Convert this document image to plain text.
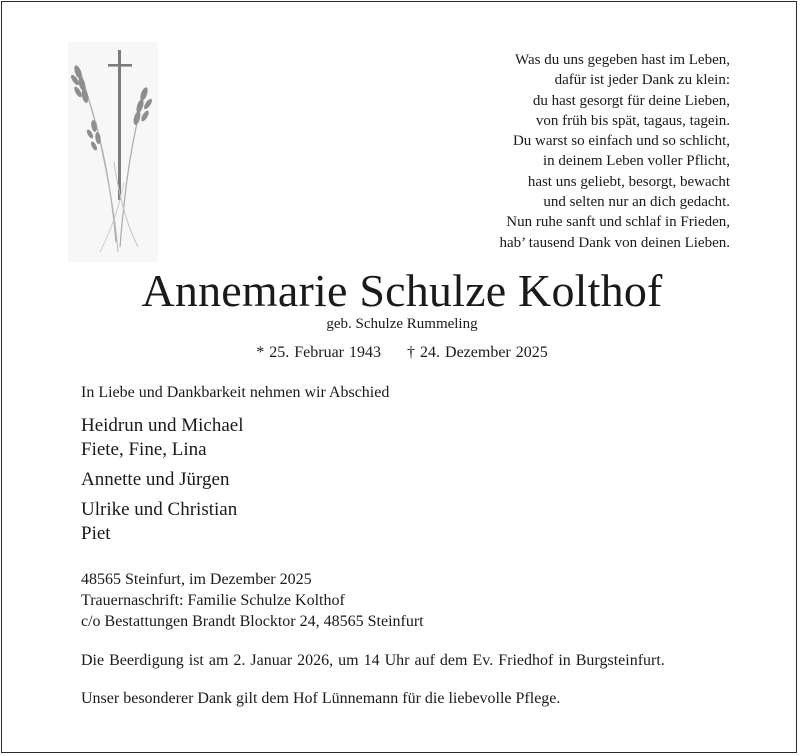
Was du uns gegeben hast im Leben,
dafür ist jeder Dank zu klein:
du hast gesorgt für deine Lieben,
von früh bis spät, tagaus, tagein.
Du warst so einfach und so schlicht,
in deinem Leben voller Pflicht,
hast uns geliebt, besorgt, bewacht
und selten nur an dich gedacht.
Nun ruhe sanft und schlaf in Frieden,
hab’ tausend Dank von deinen Lieben.
Annemarie Schulze Kolthof
geb. Schulze Rummeling
* 25. Februar 1943 † 24. Dezember 2025
In Liebe und Dankbarkeit nehmen wir Abschied
Heidrun und Michael
Fiete, Fine, Lina
Annette und Jürgen
Ulrike und Christian
Piet
48565 Steinfurt, im Dezember 2025
Trauernaschrift: Familie Schulze Kolthof
c/o Bestattungen Brandt Blocktor 24, 48565 Steinfurt
Die Beerdigung ist am 2. Januar 2026, um 14 Uhr auf dem Ev. Friedhof in Burgsteinfurt.
Unser besonderer Dank gilt dem Hof Lünnemann für die liebevolle Pflege.
